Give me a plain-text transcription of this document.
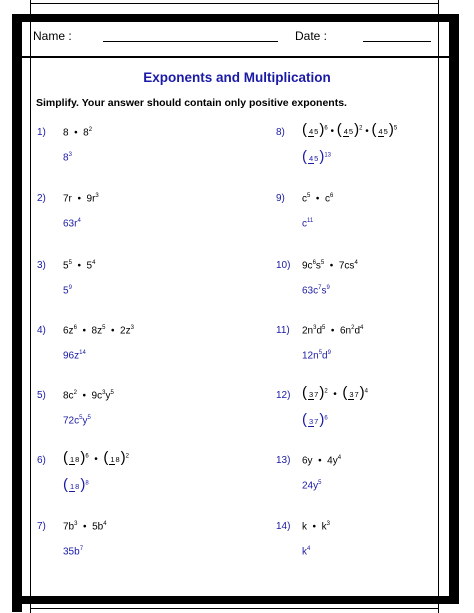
Name :	Date :
Exponents and Multiplication
Simplify. Your answer should contain only positive exponents.
1) 8  •  $8^2$
$8^3$
2) 7r  •  $9r^3$
$63r^4$
3) $5^5$  •  $5^4$
$5^9$
4) $6z^6$  •  $8z^5$  •  $2z^3$
$96z^{14}$
5) $8c^2$  •  $9c^3y^5$
$72c^5y^5$
6) ( 18)$^6$  •  ( 18)$^2$
( 18)$^8$
7) $7b^3$  •  $5b^4$
$35b^7$
8) ( 45)$^6$ • ( 45)$^2$ • ( 45)$^5$
( 45)$^{13}$
9) $c^5$  •  $c^6$
$c^{11}$
10) $9c^6s^5$  •  $7cs^4$
$63c^7s^9$
11) $2n^3d^5$  •  $6n^2d^4$
$12n^5d^9$
12) ( 37)$^2$  •  ( 37)$^4$
( 37)$^6$
13) 6y  •  $4y^4$
$24y^5$
14) k  •  $k^3$
$k^4$
